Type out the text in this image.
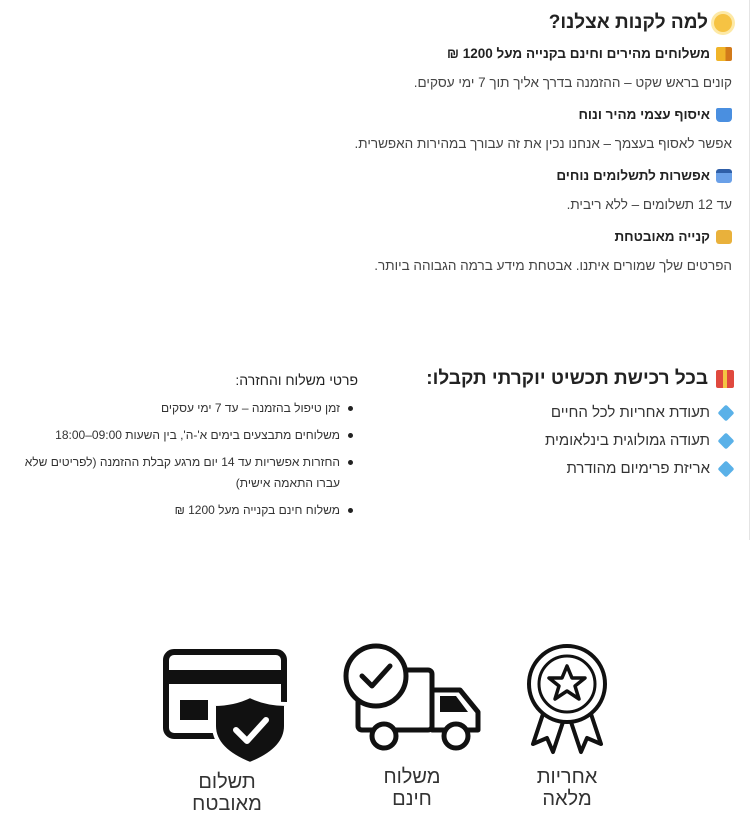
למה לקנות אצלנו?
משלוחים מהירים וחינם בקנייה מעל 1200 ₪

קונים בראש שקט – ההזמנה בדרך אליך תוך 7 ימי עסקים.

איסוף עצמי מהיר ונוח

אפשר לאסוף בעצמך – אנחנו נכין את זה עבורך במהירות האפשרית.

אפשרות לתשלומים נוחים

עד 12 תשלומים – ללא ריבית.

קנייה מאובטחת

הפרטים שלך שמורים איתנו. אבטחת מידע ברמה הגבוהה ביותר.

בכל רכישת תכשיט יוקרתי תקבלו:
תעודת אחריות לכל החיים
תעודה גמולוגית בינלאומית
אריזת פרימיום מהודרת
פרטי משלוח והחזרה:
זמן טיפול בהזמנה – עד 7 ימי עסקים
משלוחים מתבצעים בימים א'-ה', בין השעות 09:00–18:00
החזרות אפשריות עד 14 יום מרגע קבלת ההזמנה (לפריטים שלא עברו התאמה אישית)
משלוח חינם בקנייה מעל 1200 ₪
אחריות
מלאה
משלוח
חינם
תשלום
מאובטח
